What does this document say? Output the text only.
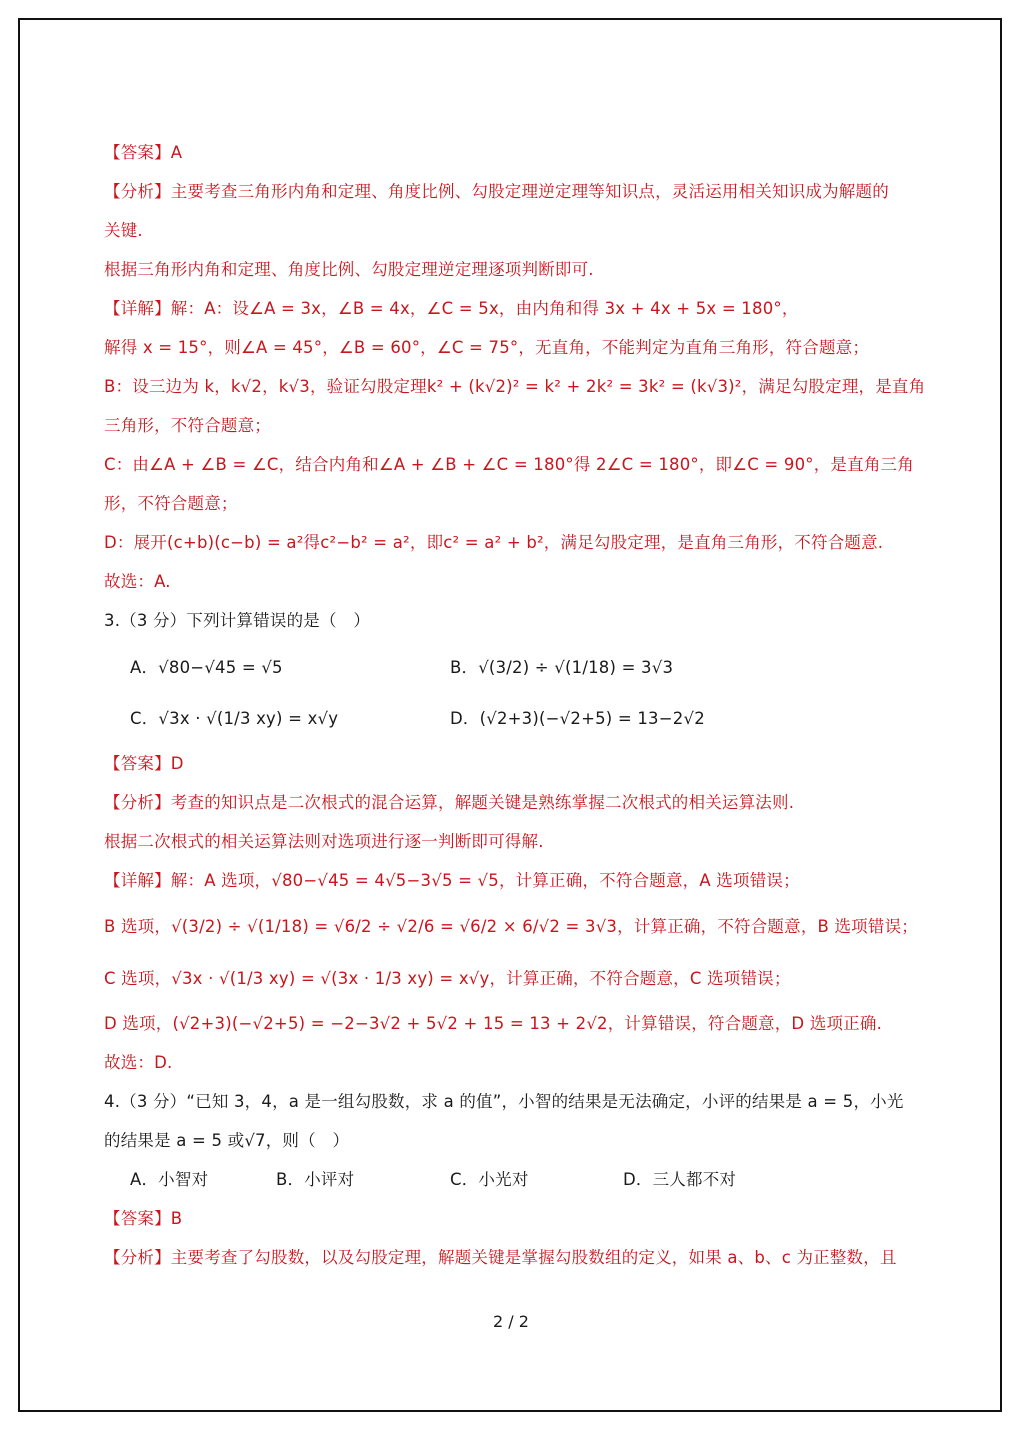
【答案】A
【分析】主要考查三角形内角和定理、角度比例、勾股定理逆定理等知识点，灵活运用相关知识成为解题的
关键.
根据三角形内角和定理、角度比例、勾股定理逆定理逐项判断即可.
【详解】解：A：设∠A = 3x，∠B = 4x，∠C = 5x，由内角和得 3x + 4x + 5x = 180°，
解得 x = 15°，则∠A = 45°，∠B = 60°，∠C = 75°，无直角，不能判定为直角三角形，符合题意；
B：设三边为 k，k√2，k√3，验证勾股定理k² + (k√2)² = k² + 2k² = 3k² = (k√3)²，满足勾股定理，是直角
三角形，不符合题意；
C：由∠A + ∠B = ∠C，结合内角和∠A + ∠B + ∠C = 180°得 2∠C = 180°，即∠C = 90°，是直角三角
形，不符合题意；
D：展开(c+b)(c−b) = a²得c²−b² = a²，即c² = a² + b²，满足勾股定理，是直角三角形，不符合题意.
故选：A.
3.（3 分）下列计算错误的是（　）
A．√80−√45 = √5	B．√(3/2) ÷ √(1/18) = 3√3
C．√3x · √(1/3 xy) = x√y	D．(√2+3)(−√2+5) = 13−2√2
【答案】D
【分析】考查的知识点是二次根式的混合运算，解题关键是熟练掌握二次根式的相关运算法则.
根据二次根式的相关运算法则对选项进行逐一判断即可得解.
【详解】解：A 选项，√80−√45 = 4√5−3√5 = √5，计算正确，不符合题意，A 选项错误；
B 选项，√(3/2) ÷ √(1/18) = √6/2 ÷ √2/6 = √6/2 × 6/√2 = 3√3，计算正确，不符合题意，B 选项错误；
C 选项，√3x · √(1/3 xy) = √(3x · 1/3 xy) = x√y，计算正确，不符合题意，C 选项错误；
D 选项，(√2+3)(−√2+5) = −2−3√2 + 5√2 + 15 = 13 + 2√2，计算错误，符合题意，D 选项正确.
故选：D.
4.（3 分）“已知 3，4，a 是一组勾股数，求 a 的值”，小智的结果是无法确定，小评的结果是 a = 5，小光
的结果是 a = 5 或√7，则（　）
A．小智对	B．小评对	C．小光对	D．三人都不对
【答案】B
【分析】主要考查了勾股数，以及勾股定理，解题关键是掌握勾股数组的定义，如果 a、b、c 为正整数，且
2 / 2
